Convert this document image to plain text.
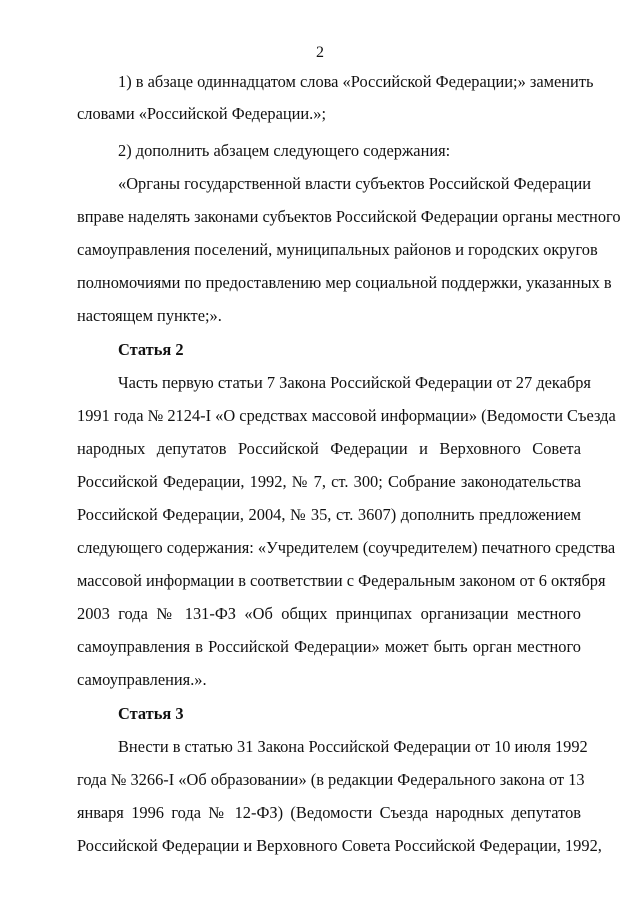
2
1) в абзаце одиннадцатом слова «Российской Федерации;» заменить
словами «Российской Федерации.»;
2) дополнить абзацем следующего содержания:
«Органы государственной власти субъектов Российской Федерации
вправе наделять законами субъектов Российской Федерации органы местного
самоуправления поселений, муниципальных районов и городских округов
полномочиями по предоставлению мер социальной поддержки, указанных в
настоящем пункте;».
Статья 2
Часть первую статьи 7 Закона Российской Федерации от 27 декабря
1991 года № 2124-I «О средствах массовой информации» (Ведомости Съезда
народных депутатов Российской Федерации и Верховного Совета
Российской Федерации, 1992, № 7, ст. 300; Собрание законодательства
Российской Федерации, 2004, № 35, ст. 3607) дополнить предложением
следующего содержания: «Учредителем (соучредителем) печатного средства
массовой информации в соответствии с Федеральным законом от 6 октября
2003 года № 131-ФЗ «Об общих принципах организации местного
самоуправления в Российской Федерации» может быть орган местного
самоуправления.».
Статья 3
Внести в статью 31 Закона Российской Федерации от 10 июля 1992
года № 3266-I «Об образовании» (в редакции Федерального закона от 13
января 1996 года № 12-ФЗ) (Ведомости Съезда народных депутатов
Российской Федерации и Верховного Совета Российской Федерации, 1992,
